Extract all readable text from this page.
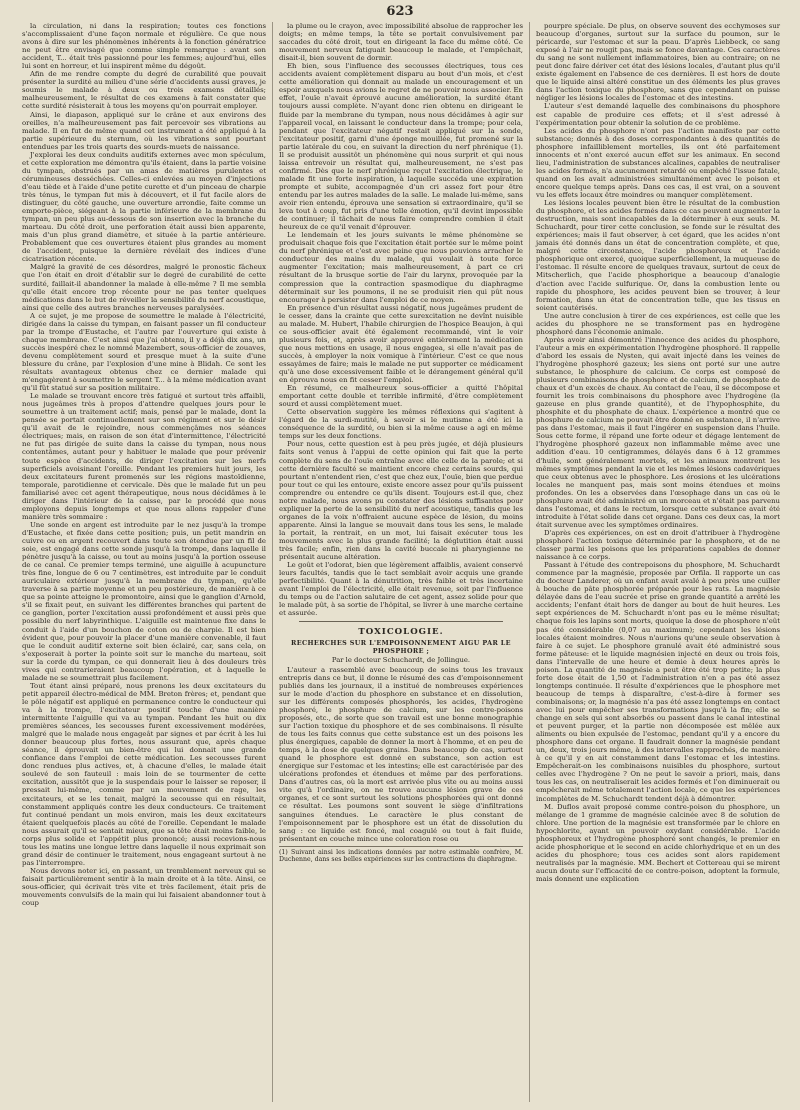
623

la circulation, ni dans la respiration; toutes ces fonctions s'accomplissaient d'une façon normale et régulière. Ce que nous avons à dire sur les phénomènes inhérents à la fonction génératrice ne peut être envisagé que comme simple remarque : avant son accident, T... était très passionné pour les femmes; aujourd'hui, elles lui sont en horreur, et lui inspirent même du dégoût.

Afin de me rendre compte du degré de curabilité que pouvait présenter la surdité au milieu d'une série d'accidents aussi graves, je soumis le malade à deux ou trois examens détaillés; malheureusement, le résultat de ces examens à fait constater que cette surdité résisterait à tous les moyens qu'on pourrait employer.

Ainsi, le diapason, appliqué sur le crâne et aux environs des oreilles, n'a malheureusement pas fait percevoir ses vibrations au malade. Il en fut de même quand cet instrument a été appliqué à la partie supérieure du sternum, où les vibrations sont pourtant entendues par les trois quarts des sourds-muets de naissance.

J'explorai les deux conduits auditifs externes avec mon spéculum, et cette exploration me démontra qu'ils étaient, dans la partie voisine du tympan, obstrués par un amas de matières purulentes et cérumineuses desséchées. Celles-ci enlevées au moyen d'injections d'eau tiède et à l'aide d'une petite curette et d'un pinceau de charpie très ténus, le tympan fut mis à découvert, et il fut facile alors de distinguer, du côté gauche, une ouverture arrondie, faite comme un emporte-pièce, siégeant à la partie inférieure de la membrane du tympan, un peu plus au-dessous de son insertion avec la branche du marteau. Du côté droit, une perforation était aussi bien apparente, mais d'un plus grand diamètre, et située à la partie antérieure. Probablement que ces ouvertures étaient plus grandes au moment de l'accident, puisque la dernière révélait des indices d'une cicatrisation récente.

Malgré la gravité de ces désordres, malgré le pronostic fâcheux que l'on était en droit d'établir sur le degré de curabilité de cette surdité, faillait-il abandonner la malade à elle-même ? Il me sembla qu'elle était encore trop récente pour ne pas tenter quelques médications dans le but de réveiller la sensibilité du nerf acoustique, ainsi que celle des autres branches nerveuses paralysées.

A ce sujet, je me propose de soumettre le malade à l'électricité, dirigée dans la caisse du tympan, en faisant passer un fil conducteur par la trompe d'Eustache, et l'autre par l'ouverture qui existe à chaque membrane. C'est ainsi que j'ai obtenu, il y a déjà dix ans, un succès inespéré chez le nommé Mazembert, sous-officier de zouaves, devenu complètement sourd et presque muet à la suite d'une blessure du crâne, par l'explosion d'une mine à Blidah. Ce sont les résultats avantageux obtenus chez ce dernier malade qui m'engagèrent à soumettre le sergent T... à la même médication avant qu'il fût statué sur sa position militaire.

Le malade se trouvant encore très fatigué et surtout très affaibli, nous jugeâmes très à propos d'attendre quelques jours pour le soumettre à un traitement actif; mais, pensé par le malade, dont la pensée se portait continuellement sur son régiment et sur le désir qu'il avait de le rejoindre, nous commençâmes nos séances électriques; mais, en raison de son état d'intermittence, l'électricité ne fut pas dirigée de suite dans la caisse du tympan, nous nous contentâmes, autant pour y habituer le malade que pour prévenir toute espèce d'accidents, de diriger l'excitation sur les nerfs superficiels avoisinant l'oreille. Pendant les premiers huit jours, les deux excitateurs furent promenés sur les régions mastoïdienne, temporale, parotidienne et cervicale. Dès que le malade fut un peu familiarisé avec cet agent thérapeutique, nous nous décidâmes à le diriger dans l'intérieur de la caisse, par le procédé que nous employons depuis longtemps et que nous allons rappeler d'une manière très sommaire :

Une sonde en argent est introduite par le nez jusqu'à la trompe d'Eustache, et fixée dans cette position; puis, un petit mandrin en cuivre ou en argent recouvert dans toute son étendue par un fil de soie, est engagé dans cette sonde jusqu'à la trompe, dans laquelle il pénètre jusqu'à la caisse, ou tout au moins jusqu'à la portion osseuse de ce canal. Ce premier temps terminé, une aiguille à acupuncture très fine, longue de 6 ou 7 centimètres, est introduite par le conduit auriculaire extérieur jusqu'à la membrane du tympan, qu'elle traverse à sa partie moyenne et un peu postérieure, de manière à ce que sa pointe atteigne le promontoire, ainsi que le ganglion d'Arnold, s'il se fixait peut, en suivant les différentes branches qui partent de ce ganglion, porter l'excitation aussi profondément et aussi près que possible du nerf labyrinthique. L'aiguille est maintenue fixe dans le conduit à l'aide d'un bouchon de coton ou de charpie. Il est bien évident que, pour pouvoir la placer d'une manière convenable, il faut que le conduit auditif externe soit bien éclairé, car, sans cela, on s'exposerait à porter la pointe soit sur le manche du marteau, soit sur la corde du tympan, ce qui donnerait lieu à des douleurs très vives qui contrarieraient beaucoup l'opération, et à laquelle le malade ne se soumettrait plus facilement.

Tout étant ainsi préparé, nous prenons les deux excitateurs du petit appareil électro-médical de MM. Breton frères; et, pendant que le pôle négatif est appliqué en permanence contre le conducteur qui va à la trompe, l'excitateur positif touche d'une manière intermittente l'aiguille qui va au tympan. Pendant les huit ou dix premières séances, les secousses furent excessivement modérées, malgré que le malade nous engageât par signes et par écrit à les lui donner beaucoup plus fortes, nous assurant que, après chaque séance, il éprouvait un bien-être qui lui donnait une grande confiance dans l'emploi de cette médication. Les secousses furent donc rendues plus actives, et, à chacune d'elles, le malade était soulevé de son fauteuil : mais loin de se tourmenter de cette excitation, aussitôt que je la suspendais pour le laisser se reposer, il pressait lui-même, comme par un mouvement de rage, les excitateurs, et se les tenait, malgré la secousse qui en résultait, constamment appliqués contre les deux conducteurs. Ce traitement fut continué pendant un mois environ, mais les deux excitateurs étaient quelquefois placés au côté de l'oreille. Cependant le malade nous assurait qu'il se sentait mieux, que sa tête était moins faible, le corps plus solide et l'appétit plus prononcé; aussi recevions-nous tous les matins une longue lettre dans laquelle il nous exprimait son grand désir de continuer le traitement, nous engageant surtout à ne pas l'interrompre.

Nous devons noter ici, en passant, un tremblement nerveux qui se faisait particulièrement sentir à la main droite et à la tête. Ainsi, ce sous-officier, qui écrivait très vite et très facilement, était pris de mouvements convulsifs de la main qui lui faisaient abandonner tout à coup

la plume ou le crayon, avec impossibilité absolue de rapprocher les doigts; en même temps, la tête se portait convulsivement par saccades du côté droit, tout en dirigeant la face du même côté. Ce mouvement nerveux fatiguait beaucoup le malade, et l'empêchait, disait-il, bien souvent de dormir.

Eh bien, sous l'influence des secousses électriques, tous ces accidents avaient complètement disparu au bout d'un mois, et c'est cette amélioration qui donnait au malade un encouragement et un espoir auxquels nous avions le regret de ne pouvoir nous associer. En effet, l'ouïe n'avait éprouvé aucune amélioration, la surdité étant toujours aussi complète. N'ayant donc rien obtenu en dirigeant le fluide par la membrane du tympan, nous nous décidâmes à agir sur l'appareil vocal, en laissant le conducteur dans la trompe; pour cela, pendant que l'excitateur négatif restait appliqué sur la sonde, l'excitateur positif, garni d'une éponge mouillée, fut promené sur la partie latérale du cou, en suivant la direction du nerf phrénique (1). Il se produisit aussitôt un phénomène qui nous surprit et qui nous laissa entrevoir un résultat qui, malheureusement, ne s'est pas confirmé. Dès que le nerf phrénique reçut l'excitation électrique, le malade fit une forte inspiration, à laquelle succéda une expiration prompte et subite, accompagnée d'un cri assez fort pour être entendu par les autres malades de la salle. Le malade lui-même, sans avoir rien entendu, éprouva une sensation si extraordinaire, qu'il se leva tout à coup, fut pris d'une telle émotion, qu'il devint impossible de continuer; il tâchait de nous faire comprendre combien il était heureux de ce qu'il venait d'éprouver.

Le lendemain et les jours suivants le même phénomène se produisait chaque fois que l'excitation était portée sur le même point du nerf phrénique et c'est avec peine que nous pouvions arracher le conducteur des mains du malade, qui voulait à toute force augmenter l'excitation; mais malheureusement, à part ce cri résultant de la brusque sortie de l'air du larynx, provoquée par la compression que la contraction spasmodique du diaphragme déterminait sur les poumons, il ne se produisit rien qui pût nous encourager à persister dans l'emploi de ce moyen.

En présence d'un résultat aussi négatif, nous jugeâmes prudent de le cesser, dans la crainte que cette surexcitation ne devînt nuisible au malade. M. Hubert, l'habile chirurgien de l'hospice Beaujon, à qui ce sous-officier avait été également recommandé, vint le voir plusieurs fois, et, après avoir approuvé entièrement la médication que nous mettions en usage, il nous engagea, si elle n'avait pas de succès, à employer la noix vomique à l'intérieur. C'est ce que nous essayâmes de faire; mais le malade ne put supporter ce médicament qu'à une dose excessivement faible et le dérangement général qu'il en éprouva nous en fit cesser l'emploi.

En résumé, ce malheureux sous-officier a quitté l'hôpital emportant cette double et terrible infirmité, d'être complètement sourd et aussi complètement muet.

Cette observation suggère les mêmes réflexions qui s'agitent à l'égard de la surdi-mutité, à savoir si le mutisme a été ici la conséquence de la surdité, ou bien si la même cause a agi en même temps sur les deux fonctions.

Pour nous, cette question est à peu près jugée, et déjà plusieurs faits sont venus à l'appui de cette opinion qui fait que la perte complète du sens de l'ouïe entraîne avec elle celle de la parole; et si cette dernière faculté se maintient encore chez certains sourds, qui pourtant n'entendent rien, c'est que chez eux, l'ouïe, bien que perdue pour tout ce qui les entoure, existe encore assez pour qu'ils puissent comprendre ou entendre ce qu'ils disent. Toujours est-il que, chez notre malade, nous avons pu constater des lésions suffisantes pour expliquer la perte de la sensibilité du nerf acoustique, tandis que les organes de la voix n'offraient aucune espèce de lésion, du moins apparente. Ainsi la langue se mouvait dans tous les sens, le malade la portait, la rentrait, en un mot, lui faisait exécuter tous les mouvements avec la plus grande facilité; la déglutition était aussi très facile; enfin, rien dans la cavité buccale ni pharyngienne ne présentait aucune altération.

Le goût et l'odorat, bien que légèrement affaiblis, avaient conservé leurs facultés, tandis que le tact semblait avoir acquis une grande perfectibilité. Quant à la dénutrition, très faible et très incertaine avant l'emploi de l'électricité, elle était revenue, soit par l'influence du temps ou de l'action salutaire de cet agent, assez solide pour que le malade pût, à sa sortie de l'hôpital, se livrer à une marche certaine et assurée.

TOXICOLOGIE.
RECHERCHES SUR L'EMPOISONNEMENT AIGU PAR LE PHOSPHORE ;
Par le docteur Schuchardt, de Jollingue.

L'auteur a rassemblé avec beaucoup de soins tous les travaux entrepris dans ce but, il donne le résumé des cas d'empoisonnement publiés dans les journaux, il a institué de nombreuses expériences sur le mode d'action du phosphore en substance et en dissolution, sur les différents composés phosphorés, les acides, l'hydrogène phosphoré, le phosphure de calcium, sur les contre-poisons proposés, etc., de sorte que son travail est une bonne monographie sur l'action toxique du phosphore et de ses combinaisons. Il résulte de tous les faits connus que cette substance est un des poisons les plus énergiques, capable de donner la mort à l'homme, et en peu de temps, à la dose de quelques grains. Dans beaucoup de cas, surtout quand le phosphore est donné en substance, son action est énergique sur l'estomac et les intestins; elle est caractérisée par des ulcérations profondes et étendues et même par des perforations. Dans d'autres cas, où la mort est arrivée plus vite ou au moins aussi vite qu'à l'ordinaire, on ne trouve aucune lésion grave de ces organes, et ce sont surtout les solutions phosphorées qui ont donné ce résultat. Les poumons sont souvent le siège d'infiltrations sanguines étendues. Le caractère le plus constant de l'empoisonnement par le phosphore est un état de dissolution du sang : ce liquide est foncé, mal coagulé ou tout à fait fluide, présentant en couche mince une coloration rose ou

(1) Suivant ainsi les indications données par notre estimable confrère, M. Duchenne, dans ses belles expériences sur les contractions du diaphragme.

pourpre spéciale. De plus, on observe souvent des ecchymoses sur beaucoup d'organes, surtout sur la surface du poumon, sur le péricarde, sur l'estomac et sur la peau. D'après Liebbeck, ce sang exposé à l'air ne rougit pas, mais se fonce davantage. Ces caractères du sang ne sont nullement inflammatoires, bien au contraire; on ne peut donc faire dériver cet état des lésions locales, d'autant plus qu'il existe également en l'absence de ces dernières. Il est hors de doute que le liquide ainsi altéré constitue un des éléments les plus graves dans l'action toxique du phosphore, sans que cependant on puisse négliger les lésions locales de l'estomac et des intestins.

L'auteur s'est demandé laquelle des combinaisons du phosphore est capable de produire ces effets; et il s'est adressé à l'expérimentation pour obtenir la solution de ce problème.

Les acides du phosphore n'ont pas l'action manifeste par cette substance; donnés à des doses correspondantes à des quantités de phosphore infailliblement mortelles, ils ont été parfaitement innocents et n'ont exercé aucun effet sur les animaux. En second lieu, l'administration de substances alcalines, capables de neutraliser les acides formés, n'a aucunement retardé ou empêché l'issue fatale, quand on les avait administrées simultanément avec le poison et encore quelque temps après. Dans ces cas, il est vrai, on a souvent vu les effets locaux être moindres ou manquer complètement.

Les lésions locales peuvent bien être le résultat de la combustion du phosphore, et les acides formés dans ce cas peuvent augmenter la destruction, mais sont incapables de la déterminer à eux seuls. M. Schuchardt, pour tirer cette conclusion, se fonde sur le résultat des expériences; mais il faut observer, à cet égard, que les acides n'ont jamais été donnés dans un état de concentration complète, et que, malgré cette circonstance, l'acide phosphoreux et l'acide phosphorique ont exercé, quoique superficiellement, la muqueuse de l'estomac. Il résulte encore de quelques travaux, surtout de ceux de Mitscherlich, que l'acide phosphorique a beaucoup d'analogie d'action avec l'acide sulfurique. Or, dans la combustion lente ou rapide du phosphore, les acides peuvent bien se trouver, à leur formation, dans un état de concentration telle, que les tissus en soient cautérisés.

Une autre conclusion à tirer de ces expériences, est celle que les acides du phosphore ne se transforment pas en hydrogène phosphoré dans l'économie animale.

Après avoir ainsi démontré l'innocence des acides du phosphore, l'auteur a mis en expérimentation l'hydrogène phosphoré. Il rappelle d'abord les essais de Nysten, qui avait injecté dans les veines de l'hydrogène phosphoré gazeux; les siens ont porté sur une autre substance, le phosphure de calcium. Ce corps est composé de plusieurs combinaisons de phosphore et de calcium, de phosphate de chaux et d'un excès de chaux. Au contact de l'eau, il se décompose et fournit les trois combinaisons du phosphore avec l'hydrogène (la gazeuse en plus grande quantité), et de l'hypophosphite, du phosphite et du phosphate de chaux. L'expérience a montré que ce phosphure de calcium ne pouvait être donné en substance, il n'arrive pas dans l'estomac, mais il faut l'ingérer en suspension dans l'huile. Sous cette forme, il répand une forte odeur et dégage lentement de l'hydrogène phosphoré gazeux non inflammable même avec une addition d'eau. 10 centigrammes, délayés dans 6 à 12 grammes d'huile, sont généralement mortels, et les animaux montrent les mêmes symptômes pendant la vie et les mêmes lésions cadavériques que ceux obtenus avec le phosphore. Les érosions et les ulcérations locales ne manquent pas, mais sont moins étendues et moins profondes. On les a observées dans l'œsophage dans un cas où le phosphure avait été administré en un morceau et n'était pas parvenu dans l'estomac, et dans le rectum, lorsque cette substance avait été introduite à l'état solide dans cet organe. Dans ces deux cas, la mort était survenue avec les symptômes ordinaires.

D'après ces expériences, on est en droit d'attribuer à l'hydrogène phosphoré l'action toxique déterminée par le phosphore, et de ne classer parmi les poisons que les préparations capables de donner naissance à ce corps.

Passant à l'étude des contrepoisons du phosphore, M. Schuchardt commence par la magnésie, proposée par Orfila. Il rapporte un cas du docteur Landerer, où un enfant avait avalé à peu près une cuiller à bouche de pâte phosphorée préparée pour les rats. La magnésie délayée dans de l'eau sucrée et prise en grande quantité a arrêté les accidents; l'enfant était hors de danger au bout de huit heures. Les sept expériences de M. Schuchardt n'ont pas eu le même résultat; chaque fois les lapins sont morts, quoique la dose de phosphore n'eût pas été considérable (0,07 au maximum); cependant les lésions locales étaient moindres. Nous n'aurions qu'une seule observation à faire à ce sujet. Le phosphore granulé avait été administré sous forme pâteuse: et le liquide magnésien injecté en deux ou trois fois, dans l'intervalle de une heure et demie à deux heures après le poison. La quantité de magnésie a peut être été trop petite; la plus forte dose était de 1,50 et l'administration n'en a pas été assez longtemps continuée. Il résulte d'expériences que le phosphore met beaucoup de temps à disparaître, c'est-à-dire à former ses combinaisons; or, la magnésie n'a pas été assez longtemps en contact avec lui pour empêcher ses transformations jusqu'à la fin; elle se change en sels qui sont absorbés ou passent dans le canal intestinal et peuvent purger, et la partie non décomposée est mêlée aux aliments ou bien expulsée de l'estomac, pendant qu'il y a encore du phosphore dans cet organe. Il faudrait donner la magnésie pendant un, deux, trois jours même, à des intervalles rapprochés, de manière à ce qu'il y en ait constamment dans l'estomac et les intestins. Empêcherait-on les combinaisons nuisibles du phosphore, surtout celles avec l'hydrogène ? On ne peut le savoir a priori, mais, dans tous les cas, on neutraliserait les acides formés et l'on diminuerait ou empêcherait même totalement l'action locale, ce que les expériences incomplètes de M. Schuchardt tendent déjà à démontrer.

M. Duflos avait proposé comme contre-poison du phosphore, un mélange de 1 gramme de magnésie calcinée avec 8 de solution de chlore. Une portion de la magnésie est transformée par le chlore en hypochlorite, ayant un pouvoir oxydant considérable. L'acide phosphoreux et l'hydrogène phosphoré sont changés, le premier en acide phosphorique et le second en acide chlorhydrique et en un des acides du phosphore; tous ces acides sont alors rapidement neutralisés par la magnésie. MM. Bechert et Cottereau qui se mirent aucun doute sur l'efficacité de ce contre-poison, adoptent la formule, mais donnent une explication
